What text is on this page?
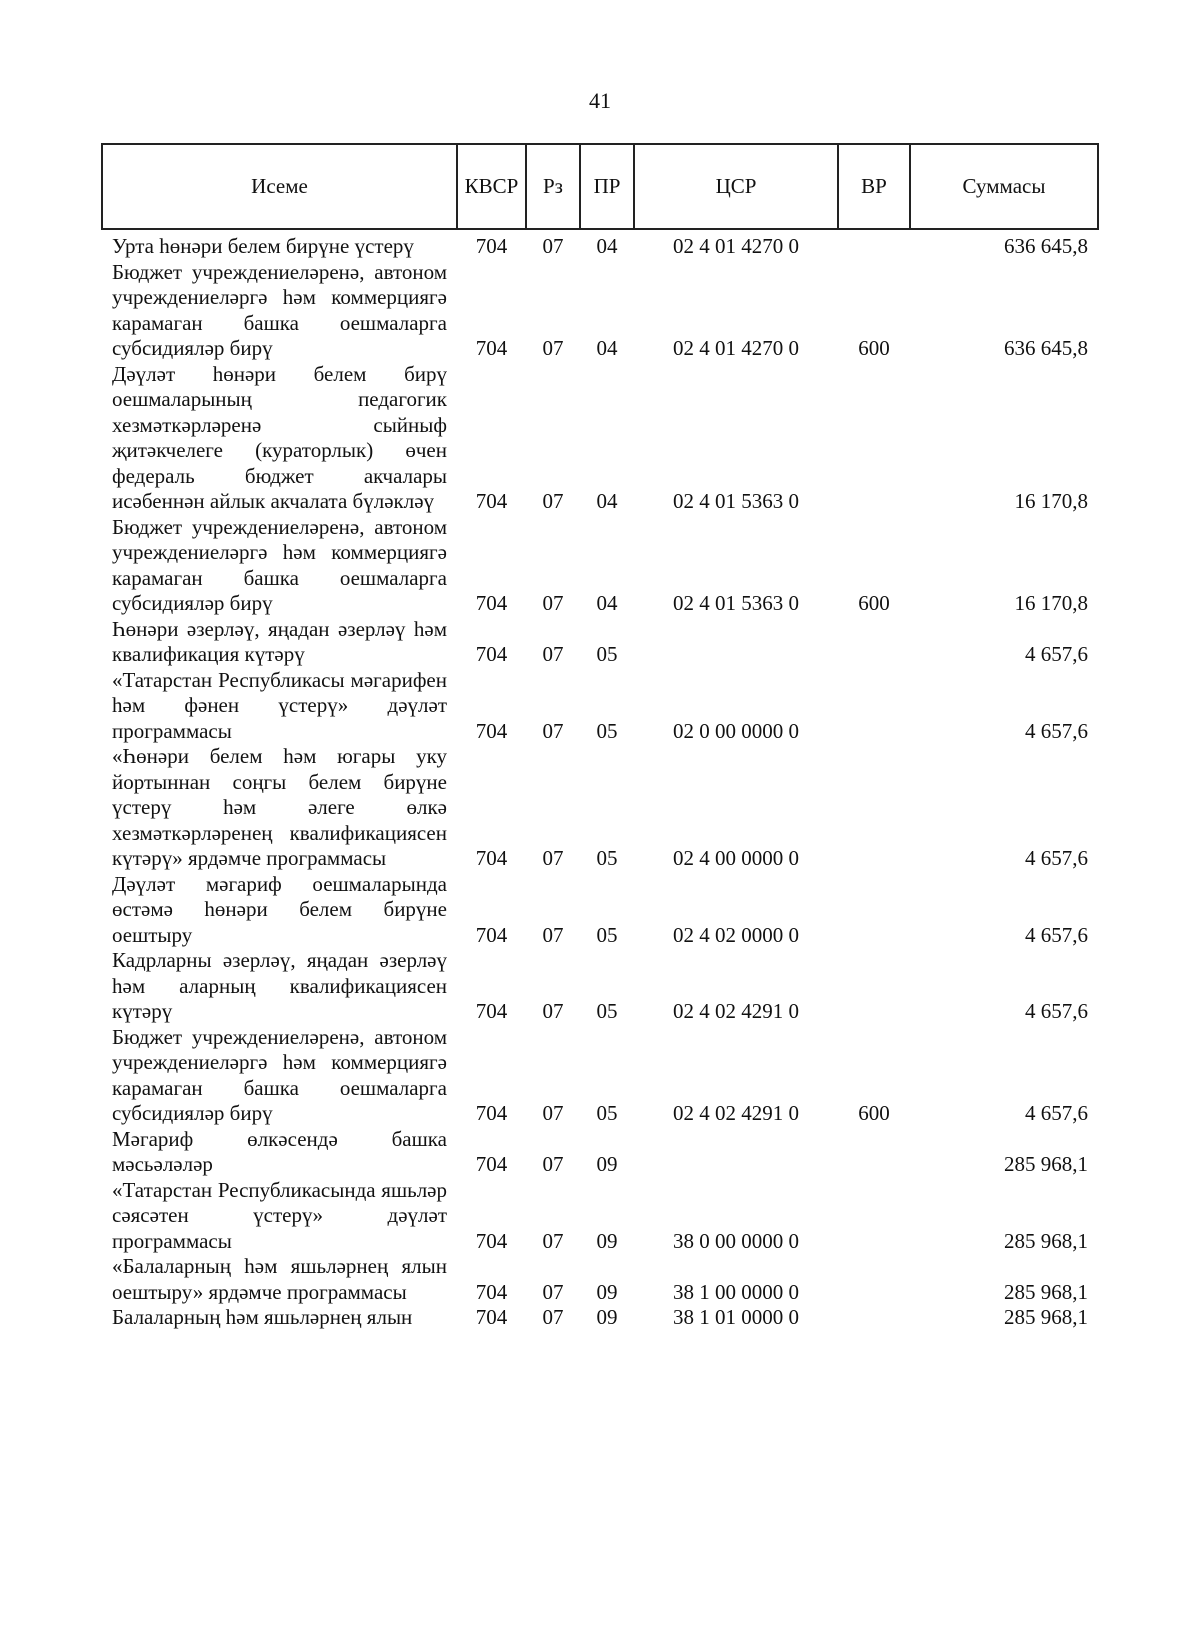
41
Исеме	КВСР	Рз	ПР	ЦСР	ВР	Суммасы
Урта һөнәри белем бирүне үстерү	704	07	04	02 4 01 4270 0		636 645,8
Бюджет учреждениеләренә, автоном учреждениеләргә һәм коммерциягә карамаган башка оешмаларга субсидияләр бирү	704	07	04	02 4 01 4270 0	600	636 645,8
Дәүләт һөнәри белем бирү оешмаларының педагогик хезмәткәрләренә сыйныф җитәкчелеге (кураторлык) өчен федераль бюджет акчалары исәбеннән айлык акчалата бүләкләү	704	07	04	02 4 01 5363 0		16 170,8
Бюджет учреждениеләренә, автоном учреждениеләргә һәм коммерциягә карамаган башка оешмаларга субсидияләр бирү	704	07	04	02 4 01 5363 0	600	16 170,8
Һөнәри әзерләү, яңадан әзерләү һәм квалификация күтәрү	704	07	05			4 657,6
«Татарстан Республикасы мәгарифен һәм фәнен үстерү» дәүләт программасы	704	07	05	02 0 00 0000 0		4 657,6
«Һөнәри белем һәм югары уку йортыннан соңгы белем бирүне үстерү һәм әлеге өлкә хезмәткәрләренең квалификациясен күтәрү» ярдәмче программасы	704	07	05	02 4 00 0000 0		4 657,6
Дәүләт мәгариф оешмаларында өстәмә һөнәри белем бирүне оештыру	704	07	05	02 4 02 0000 0		4 657,6
Кадрларны әзерләү, яңадан әзерләү һәм аларның квалификациясен күтәрү	704	07	05	02 4 02 4291 0		4 657,6
Бюджет учреждениеләренә, автоном учреждениеләргә һәм коммерциягә карамаган башка оешмаларга субсидияләр бирү	704	07	05	02 4 02 4291 0	600	4 657,6
Мәгариф өлкәсендә башка мәсьәләләр	704	07	09			285 968,1
«Татарстан Республикасында яшьләр сәясәтен үстерү» дәүләт программасы	704	07	09	38 0 00 0000 0		285 968,1
«Балаларның һәм яшьләрнең ялын оештыру» ярдәмче программасы	704	07	09	38 1 00 0000 0		285 968,1
Балаларның һәм яшьләрнең ялын	704	07	09	38 1 01 0000 0		285 968,1
